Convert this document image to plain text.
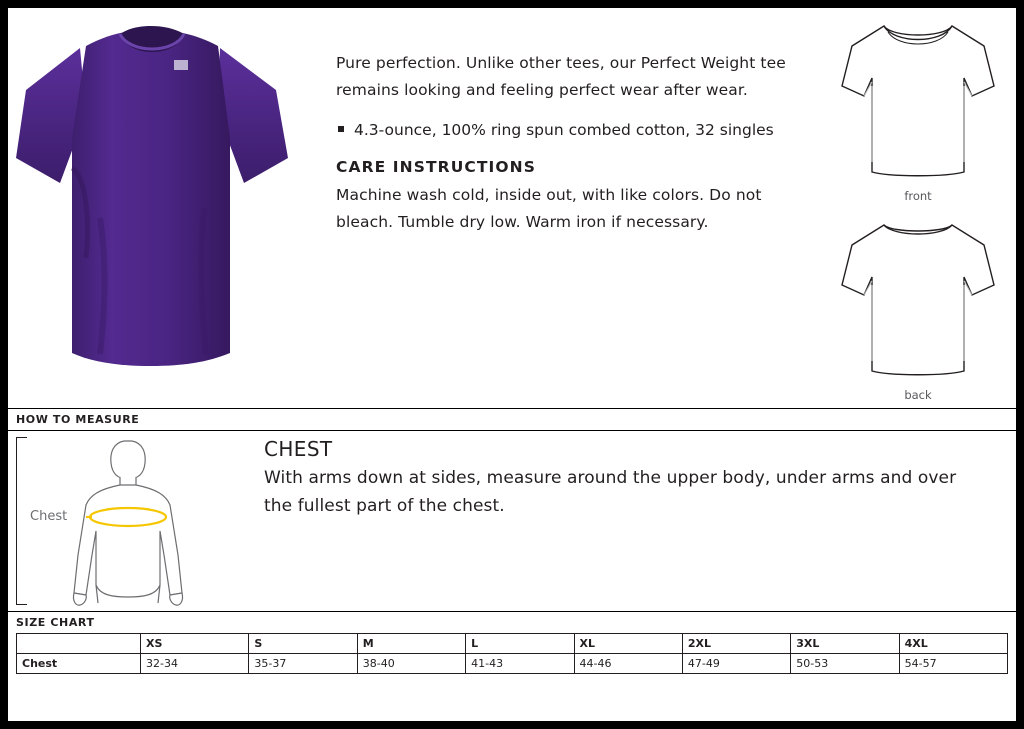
Pure perfection. Unlike other tees, our Perfect Weight tee remains looking and feeling perfect wear after wear.

4.3-ounce, 100% ring spun combed cotton, 32 singles
CARE INSTRUCTIONS

Machine wash cold, inside out, with like colors. Do not bleach. Tumble dry low. Warm iron if necessary.

front
back
HOW TO MEASURE
Chest
CHEST

With arms down at sides, measure around the upper body, under arms and over the fullest part of the chest.

SIZE CHART
	XS	S	M	L	XL	2XL	3XL	4XL
Chest	32-34	35-37	38-40	41-43	44-46	47-49	50-53	54-57
